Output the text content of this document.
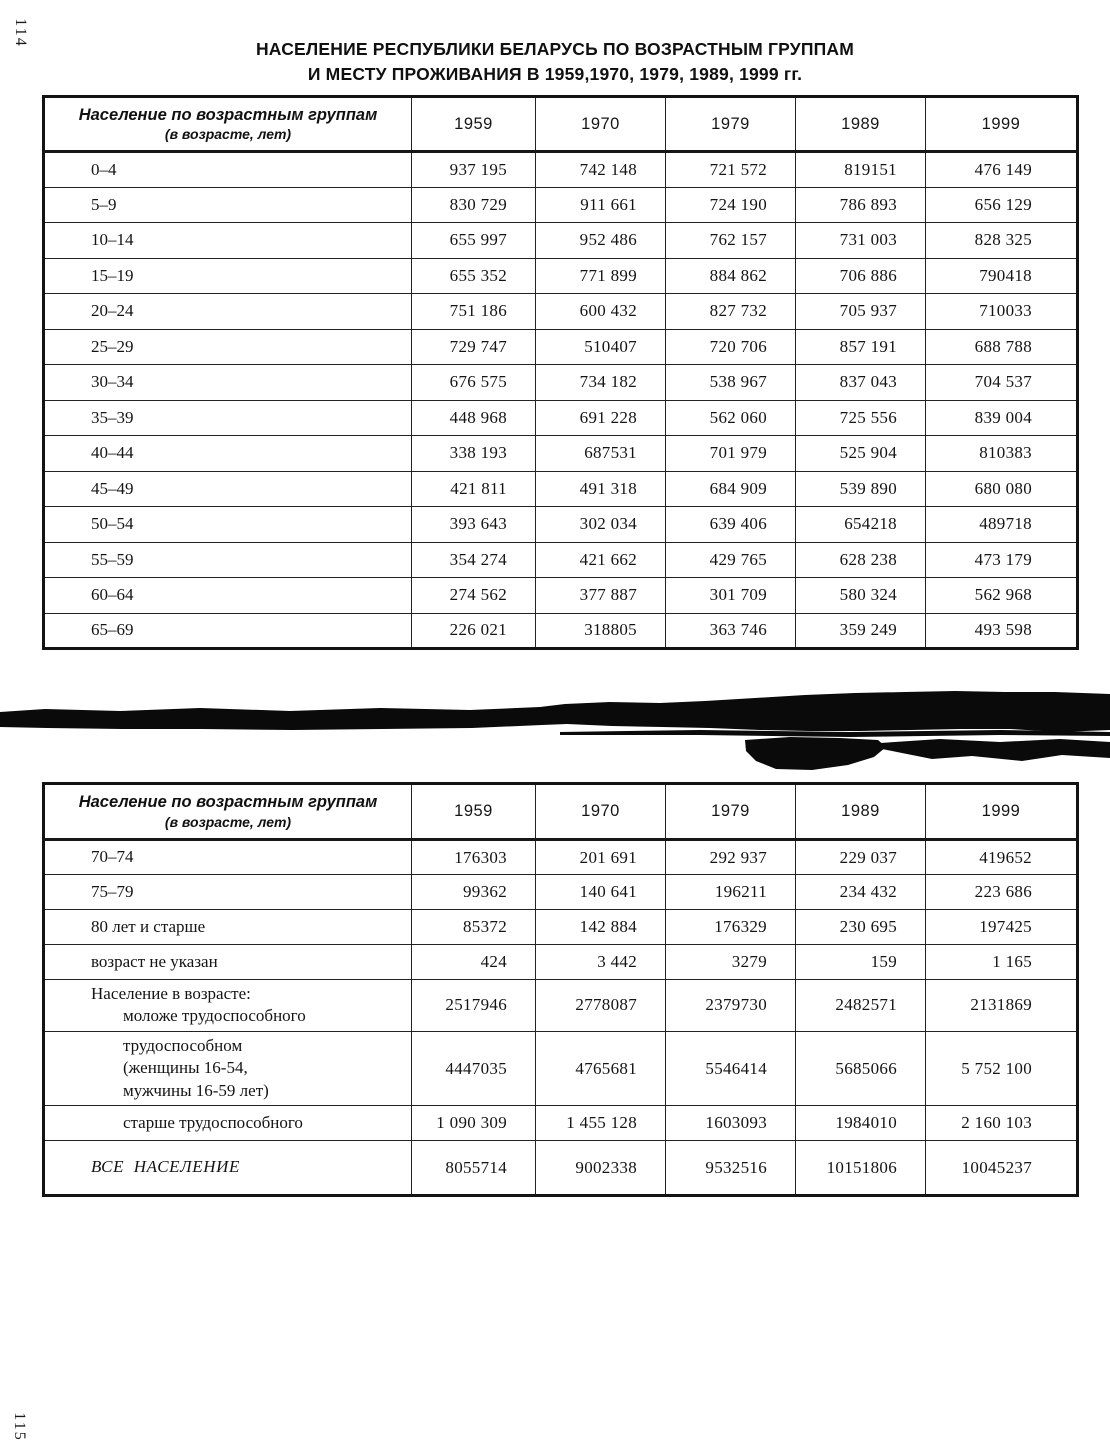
114
НАСЕЛЕНИЕ РЕСПУБЛИКИ БЕЛАРУСЬ ПО ВОЗРАСТНЫМ ГРУППАМ
И МЕСТУ ПРОЖИВАНИЯ В 1959,1970, 1979, 1989, 1999 гг.
Население по возрастным группам
(в возрасте, лет)	1959	1970	1979	1989	1999

0–4	937 195	742 148	721 572	819151	476 149

5–9	830 729	911 661	724 190	786 893	656 129

10–14	655 997	952 486	762 157	731 003	828 325

15–19	655 352	771 899	884 862	706 886	790418

20–24	751 186	600 432	827 732	705 937	710033

25–29	729 747	510407	720 706	857 191	688 788

30–34	676 575	734 182	538 967	837 043	704 537

35–39	448 968	691 228	562 060	725 556	839 004

40–44	338 193	687531	701 979	525 904	810383

45–49	421 811	491 318	684 909	539 890	680 080

50–54	393 643	302 034	639 406	654218	489718

55–59	354 274	421 662	429 765	628 238	473 179

60–64	274 562	377 887	301 709	580 324	562 968

65–69	226 021	318805	363 746	359 249	493 598
Население по возрастным группам
(в возрасте, лет)	1959	1970	1979	1989	1999

70–74	176303	201 691	292 937	229 037	419652

75–79	99362	140 641	196211	234 432	223 686

80 лет и старше	85372	142 884	176329	230 695	197425

возраст не указан	424	3 442	3279	159	1 165

Население в возрасте:
моложе трудоспособного	2517946	2778087	2379730	2482571	2131869

трудоспособном
(женщины 16-54,
мужчины 16-59 лет)	4447035	4765681	5546414	5685066	5 752 100

старше трудоспособного	1 090 309	1 455 128	1603093	1984010	2 160 103

ВСЕ  НАСЕЛЕНИЕ	8055714	9002338	9532516	10151806	10045237
115
